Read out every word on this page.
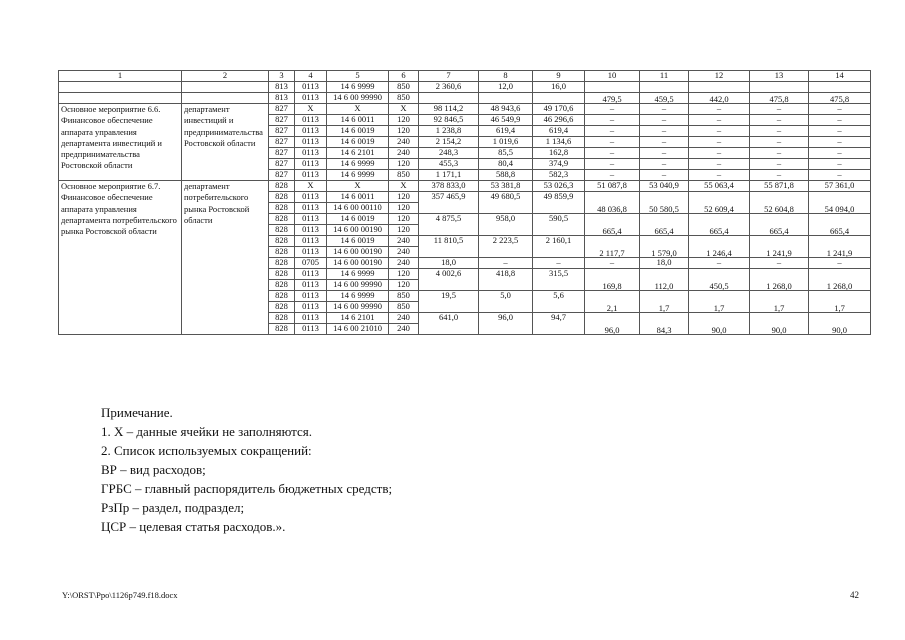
1	2	3	4	5	6	7	8	9	10	11	12	13	14
		813	0113	14 6 9999	850	2 360,6	12,0	16,0					
		813	0113	14 6 00 99990	850				479,5	459,5	442,0	475,8	475,8
Основное мероприятие 6.6. Финансовое обеспечение аппарата управления департамента инвестиций и предпринимательства Ростовской области	департамент инвестиций и предпринимательства Ростовской области	827	X	X	X	98 114,2	48 943,6	49 170,6	–	–	–	–	–
		827	0113	14 6 0011	120	92 846,5	46 549,9	46 296,6	–	–	–	–	–
		827	0113	14 6 0019	120	1 238,8	619,4	619,4	–	–	–	–	–
		827	0113	14 6 0019	240	2 154,2	1 019,6	1 134,6	–	–	–	–	–
		827	0113	14 6 2101	240	248,3	85,5	162,8	–	–	–	–	–
		827	0113	14 6 9999	120	455,3	80,4	374,9	–	–	–	–	–
		827	0113	14 6 9999	850	1 171,1	588,8	582,3	–	–	–	–	–
Основное мероприятие 6.7. Финансовое обеспечение аппарата управления департамента потребительского рынка Ростовской области	департамент потребительского рынка Ростовской области	828	X	X	X	378 833,0	53 381,8	53 026,3	51 087,8	53 040,9	55 063,4	55 871,8	57 361,0
		828	0113	14 6 0011	120	357 465,9	49 680,5	49 859,9	48 036,8	50 580,5	52 609,4	52 604,8	54 094,0
		828	0113	14 6 00 00110	120								
		828	0113	14 6 0019	120	4 875,5	958,0	590,5	665,4	665,4	665,4	665,4	665,4
		828	0113	14 6 00 00190	120								
		828	0113	14 6 0019	240	11 810,5	2 223,5	2 160,1	2 117,7	1 579,0	1 246,4	1 241,9	1 241,9
		828	0113	14 6 00 00190	240								
		828	0705	14 6 00 00190	240	18,0	–	–	–	18,0	–	–	–
		828	0113	14 6 9999	120	4 002,6	418,8	315,5	169,8	112,0	450,5	1 268,0	1 268,0
		828	0113	14 6 00 99990	120								
		828	0113	14 6 9999	850	19,5	5,0	5,6	2,1	1,7	1,7	1,7	1,7
		828	0113	14 6 00 99990	850								
		828	0113	14 6 2101	240	641,0	96,0	94,7	96,0	84,3	90,0	90,0	90,0
		828	0113	14 6 00 21010	240								
Примечание.
1. X – данные ячейки не заполняются.
2. Список используемых сокращений:
ВР – вид расходов;
ГРБС – главный распорядитель бюджетных средств;
РзПр – раздел, подраздел;
ЦСР – целевая статья расходов.».
Y:\ORST\Ppo\1126p749.f18.docx	42
